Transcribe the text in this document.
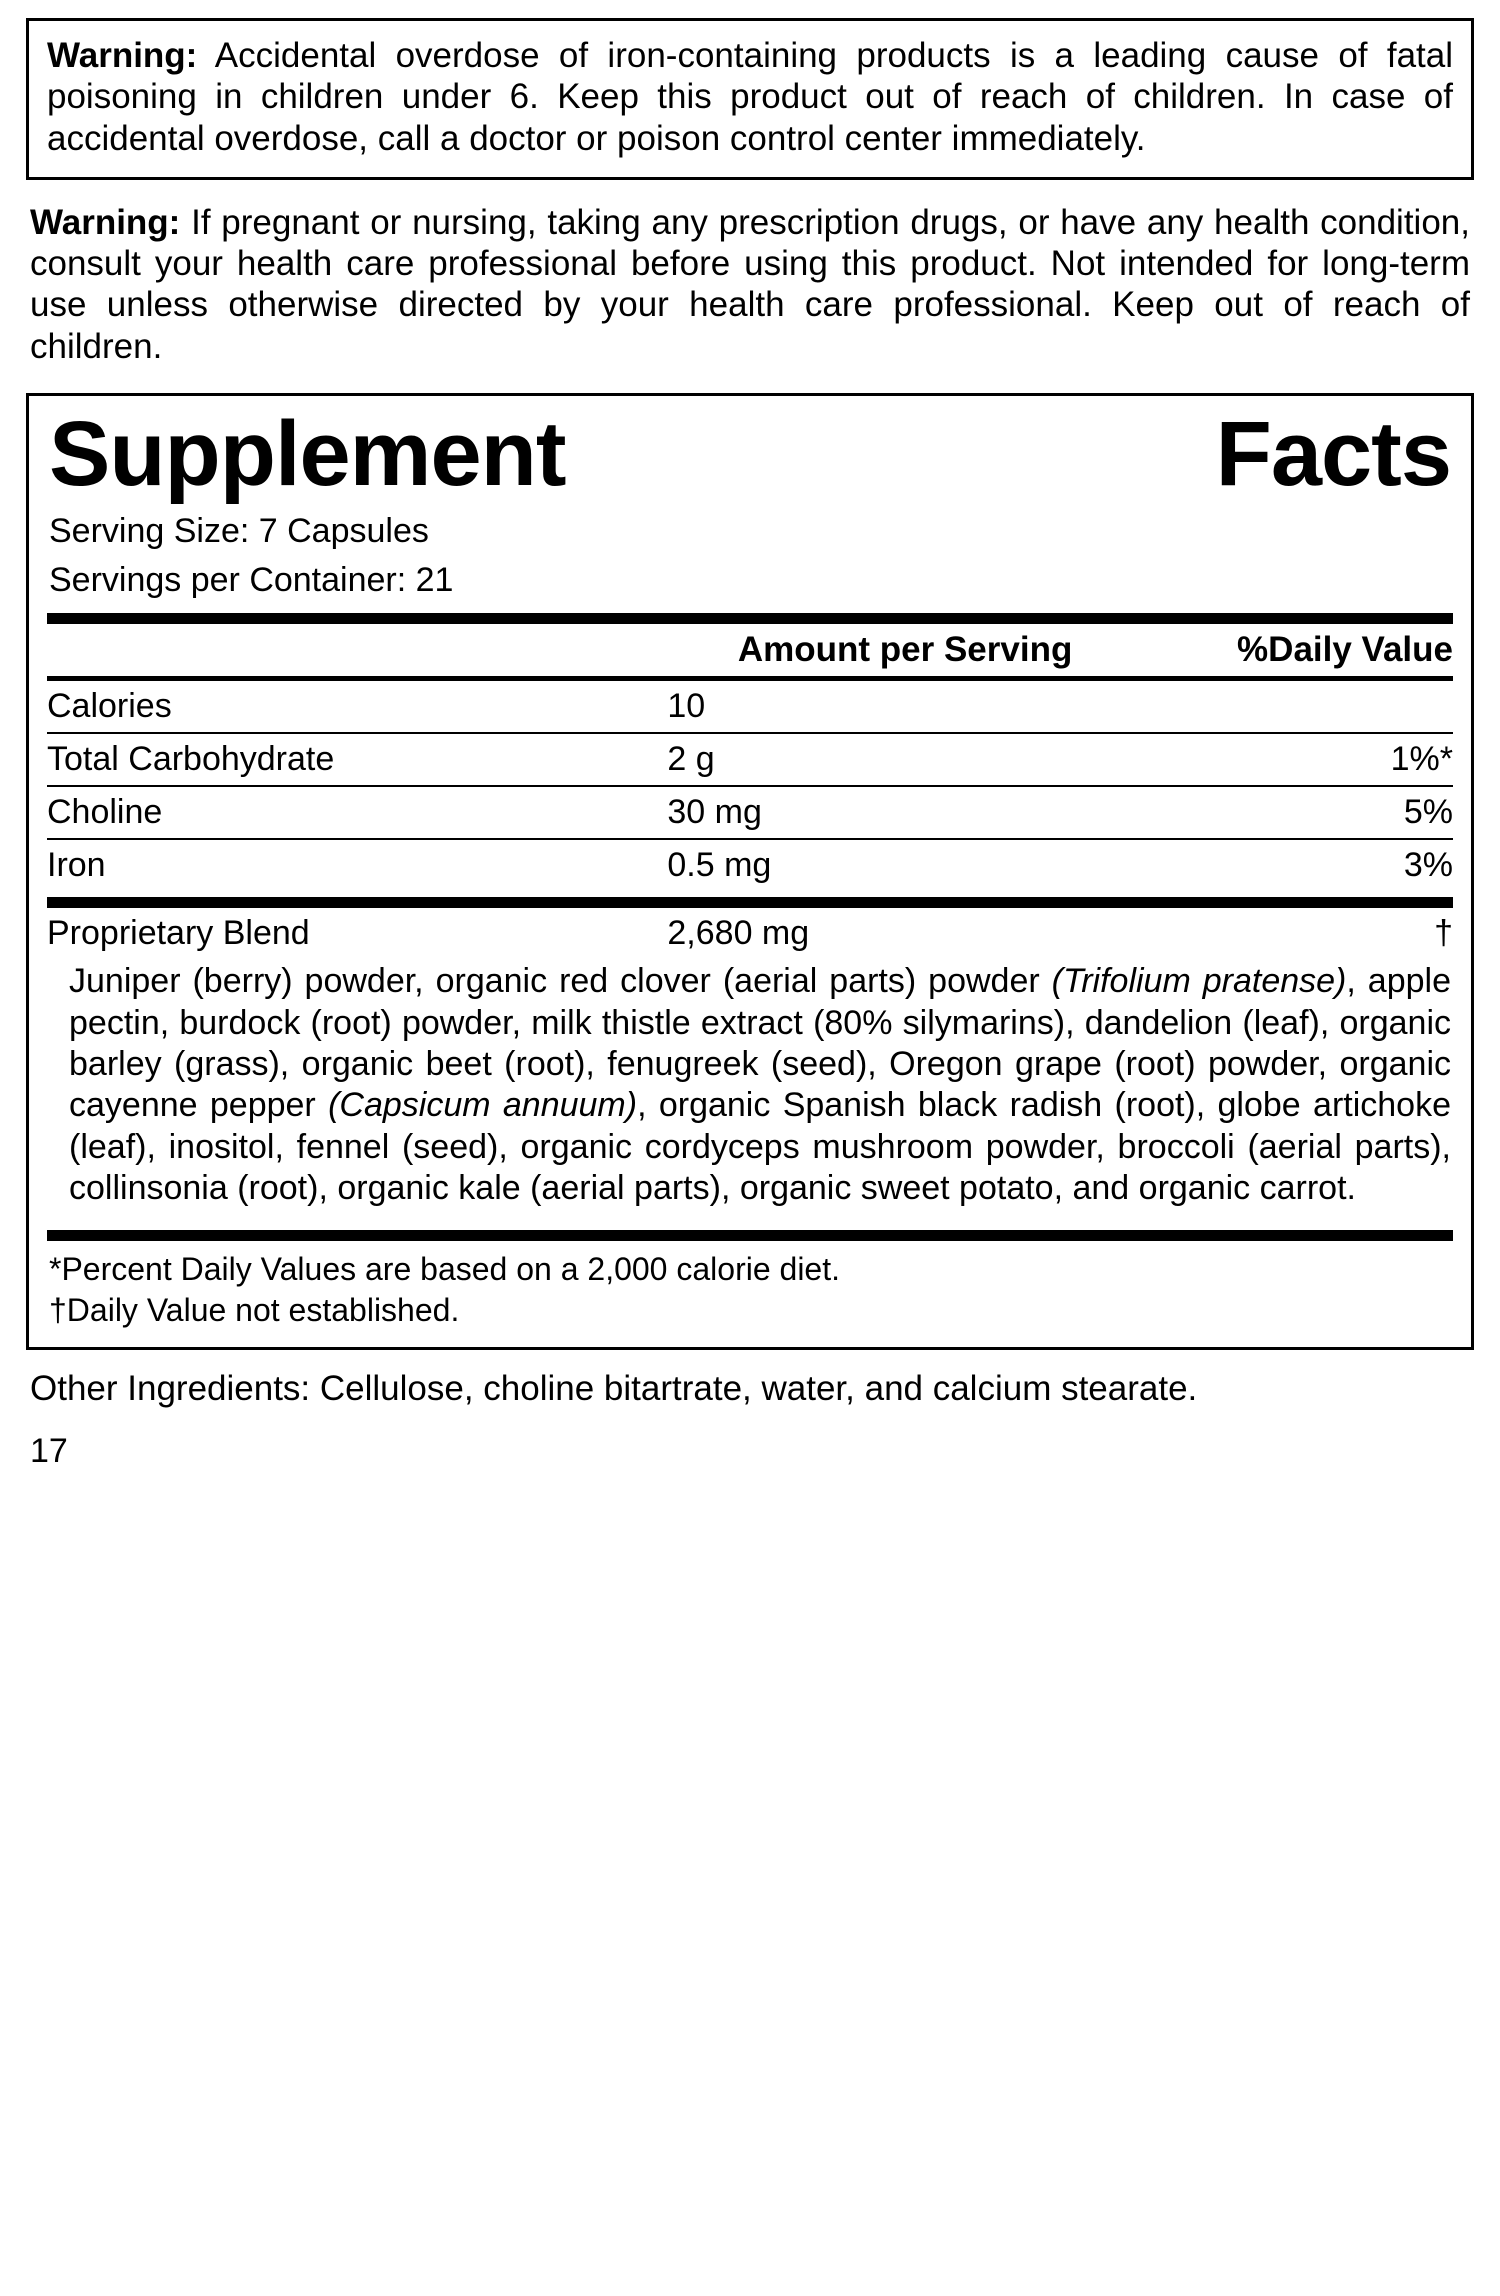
Warning: Accidental overdose of iron-containing products is a leading cause of fatal poisoning in children under 6. Keep this product out of reach of children. In case of accidental overdose, call a doctor or poison control center immediately.
Warning: If pregnant or nursing, taking any prescription drugs, or have any health condition, consult your health care professional before using this product. Not intended for long-term use unless otherwise directed by your health care professional. Keep out of reach of children.
Supplement	Facts
Serving Size: 7 Capsules
Servings per Container: 21
	Amount per Serving	%Daily Value
Calories	10	
Total Carbohydrate	2 g	1%*
Choline	30 mg	5%
Iron	0.5 mg	3%
Proprietary Blend	2,680 mg	†
Juniper (berry) powder, organic red clover (aerial parts) powder (Trifolium pratense), apple pectin, burdock (root) powder, milk thistle extract (80% silymarins), dandelion (leaf), organic barley (grass), organic beet (root), fenugreek (seed), Oregon grape (root) powder, organic cayenne pepper (Capsicum annuum), organic Spanish black radish (root), globe artichoke (leaf), inositol, fennel (seed), organic cordyceps mushroom powder, broccoli (aerial parts), collinsonia (root), organic kale (aerial parts), organic sweet potato, and organic carrot.
*Percent Daily Values are based on a 2,000 calorie diet.
†Daily Value not established.
Other Ingredients: Cellulose, choline bitartrate, water, and calcium stearate.
17
